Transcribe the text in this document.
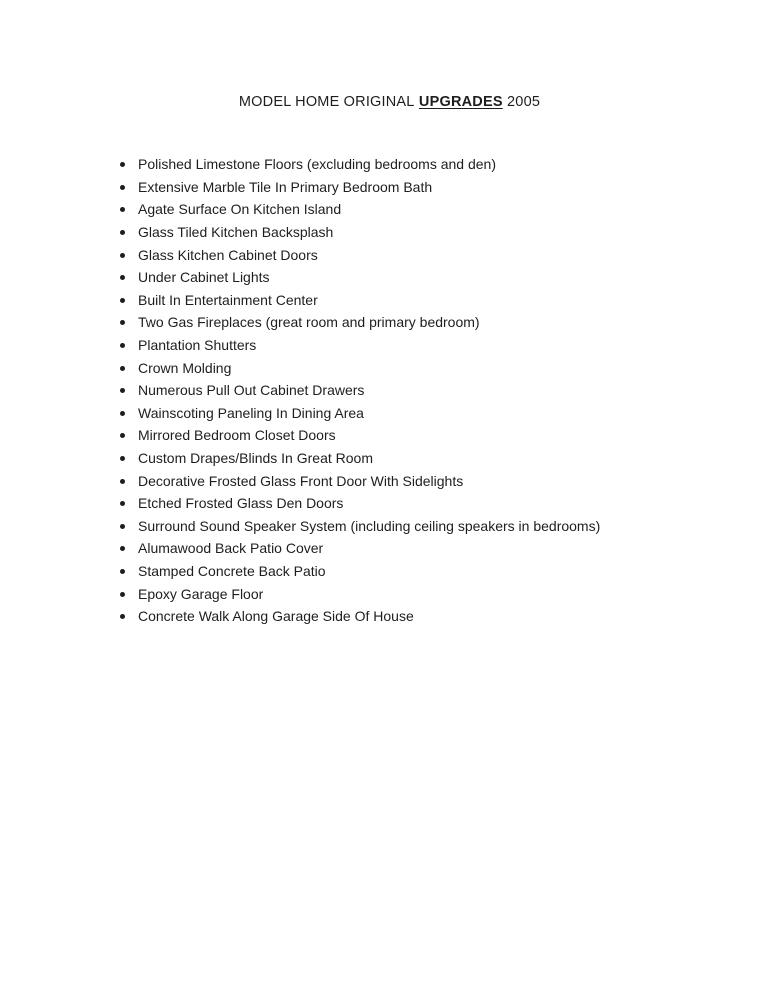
MODEL HOME ORIGINAL UPGRADES 2005
Polished Limestone Floors (excluding bedrooms and den)
Extensive Marble Tile In Primary Bedroom Bath
Agate Surface On Kitchen Island
Glass Tiled Kitchen Backsplash
Glass Kitchen Cabinet Doors
Under Cabinet Lights
Built In Entertainment Center
Two Gas Fireplaces (great room and primary bedroom)
Plantation Shutters
Crown Molding
Numerous Pull Out Cabinet Drawers
Wainscoting Paneling In Dining Area
Mirrored Bedroom Closet Doors
Custom Drapes/Blinds In Great Room
Decorative Frosted Glass Front Door With Sidelights
Etched Frosted Glass Den Doors
Surround Sound Speaker System (including ceiling speakers in bedrooms)
Alumawood Back Patio Cover
Stamped Concrete Back Patio
Epoxy Garage Floor
Concrete Walk Along Garage Side Of House
